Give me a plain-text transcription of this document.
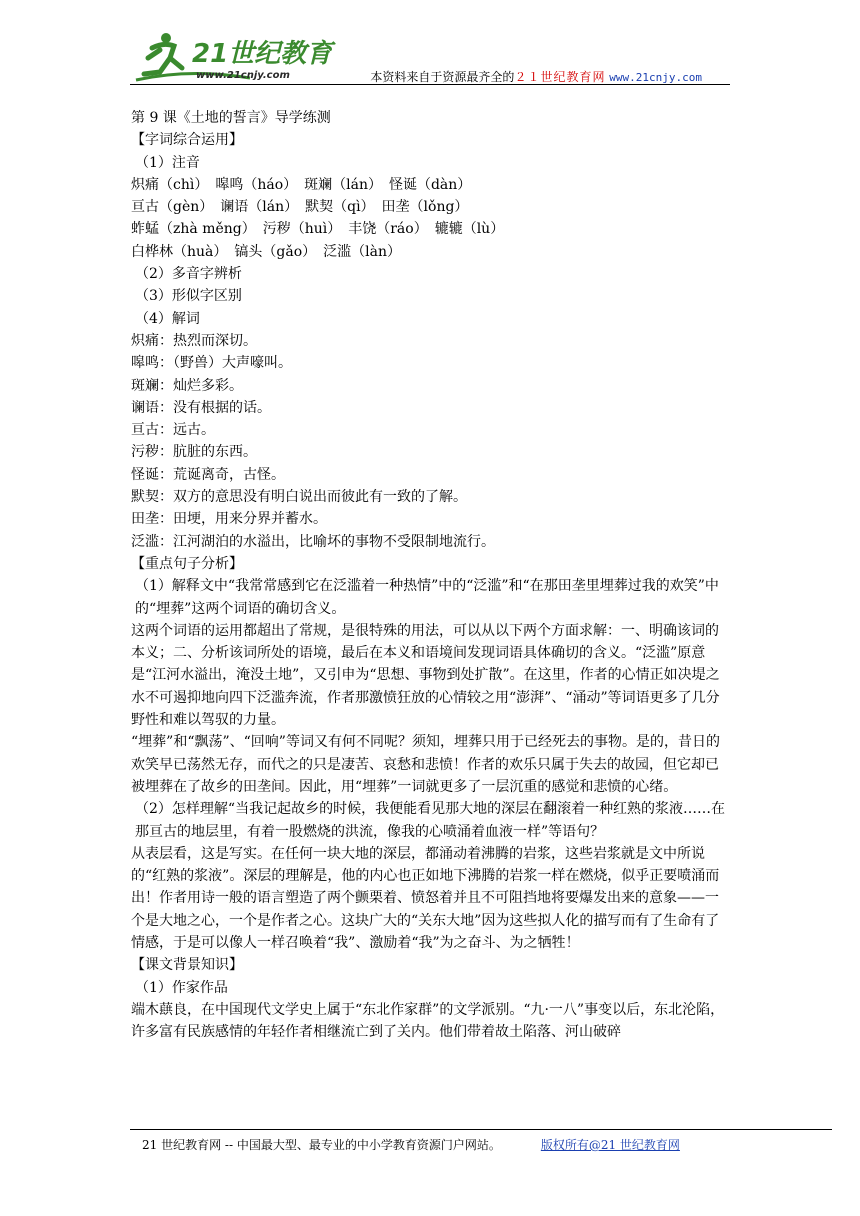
21世纪教育
www.21cnjy.com	本资料来自于资源最齐全的２１世纪教育网 www.21cnjy.com

第 9 课《土地的誓言》导学练测

【字词综合运用】

（1）注音

炽痛（chì）　嗥鸣（háo）　斑斓（lán）　怪诞（dàn）

亘古（gèn）　谰语（lán）　默契（qì）　田垄（lǒng）

蚱蜢（zhà měng）　污秽（huì）　丰饶（ráo）　辘辘（lù）

白桦林（huà）　镐头（gǎo）　泛滥（làn）

（2）多音字辨析

（3）形似字区别

（4）解词

炽痛：热烈而深切。

嗥鸣：（野兽）大声嚎叫。

斑斓：灿烂多彩。

谰语：没有根据的话。

亘古：远古。

污秽：肮脏的东西。

怪诞：荒诞离奇，古怪。

默契：双方的意思没有明白说出而彼此有一致的了解。

田垄：田埂，用来分界并蓄水。

泛滥：江河湖泊的水溢出，比喻坏的事物不受限制地流行。

【重点句子分析】

（1）解释文中“我常常感到它在泛滥着一种热情”中的“泛滥”和“在那田垄里埋葬过我的欢笑”中的“埋葬”这两个词语的确切含义。

这两个词语的运用都超出了常规，是很特殊的用法，可以从以下两个方面求解：一、明确该词的本义；二、分析该词所处的语境，最后在本义和语境间发现词语具体确切的含义。“泛滥”原意是“江河水溢出，淹没土地”，又引申为“思想、事物到处扩散”。在这里，作者的心情正如决堤之水不可遏抑地向四下泛滥奔流，作者那激愤狂放的心情较之用“澎湃”、“涌动”等词语更多了几分野性和难以驾驭的力量。

“埋葬”和“飘荡”、“回响”等词又有何不同呢？须知，埋葬只用于已经死去的事物。是的，昔日的欢笑早已荡然无存，而代之的只是凄苦、哀愁和悲愤！作者的欢乐只属于失去的故园，但它却已被埋葬在了故乡的田垄间。因此，用“埋葬”一词就更多了一层沉重的感觉和悲愤的心绪。

（2）怎样理解“当我记起故乡的时候，我便能看见那大地的深层在翻滚着一种红熟的浆液……在那亘古的地层里，有着一股燃烧的洪流，像我的心喷涌着血液一样”等语句？

从表层看，这是写实。在任何一块大地的深层，都涌动着沸腾的岩浆，这些岩浆就是文中所说的“红熟的浆液”。深层的理解是，他的内心也正如地下沸腾的岩浆一样在燃烧，似乎正要喷涌而出！作者用诗一般的语言塑造了两个颤栗着、愤怒着并且不可阻挡地将要爆发出来的意象——一个是大地之心，一个是作者之心。这块广大的“关东大地”因为这些拟人化的描写而有了生命有了情感，于是可以像人一样召唤着“我”、激励着“我”为之奋斗、为之牺牲！

【课文背景知识】

（1）作家作品

端木蕻良，在中国现代文学史上属于“东北作家群”的文学派别。“九·一八”事变以后，东北沦陷，许多富有民族感情的年轻作者相继流亡到了关内。他们带着故土陷落、河山破碎

21 世纪教育网 -- 中国最大型、最专业的中小学教育资源门户网站。	版权所有@21 世纪教育网
